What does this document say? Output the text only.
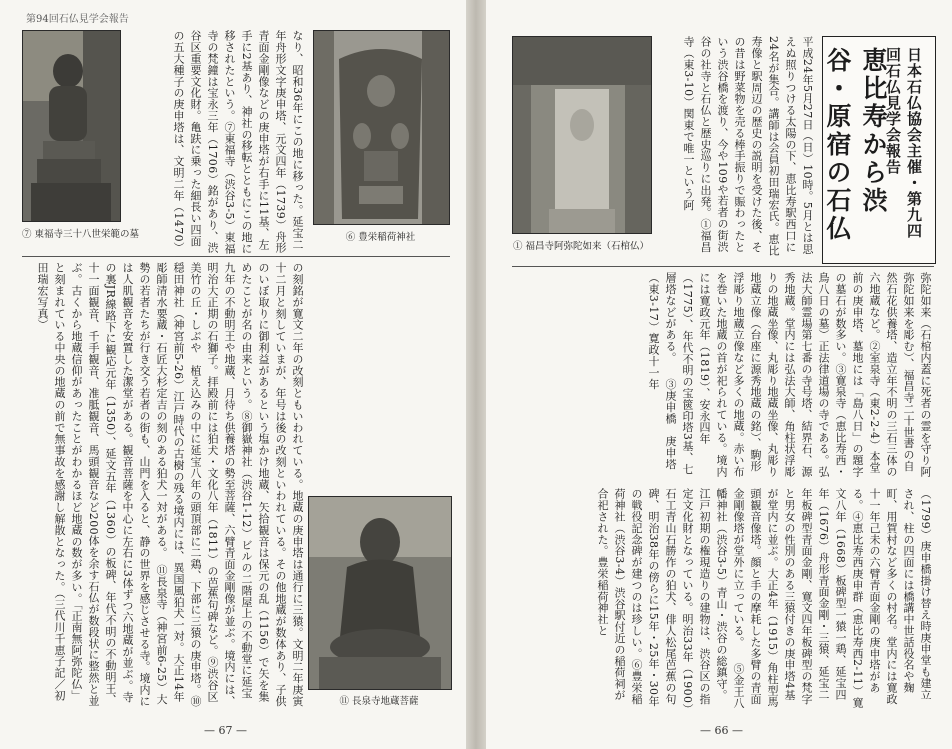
第94回石仏見学会報告
⑦ 東福寺三十八世栄範の墓	⑥ 豊栄稲荷神社
なり、昭和36年にこの地に移った。延宝二年舟形文字庚申塔、元文四年（1739）舟形青面金剛像などの庚申塔が右手に11基、左手に2基あり、神社の移転とともにこの地に移されたという。⑦東福寺（渋谷3-5）東福寺の梵鐘は宝永三年（1706）銘があり、渋谷区重要文化財。亀趺に乗った細長い四面の五大種子の庚申塔は、文明二年（1470）
の刻銘が寛文二年の改刻ともいわれている。地蔵の庚申塔は通行に三猿。文明二年庚寅十二月と刻していまが、年号は後の改刻といわれている。その他地蔵が数体あり、子供のいぼ取りに御利益があるという塩かけ地蔵、矢拾観音は保元の乱（1156）で矢を集めたことが名の由来という。⑧御嶽神社（渋谷1-12）ビルの二階屋上の不動堂に延宝九年の不動明王や地蔵、月待ち供養塔の勢至菩薩、六臂青面金剛像が並ぶ。境内には、明治大正期の石獅子。拝殿前には狛犬・文化八年（1811）の芭蕉句碑など。⑨渋谷区美竹の丘・しぶや　植え込みの中に延宝八年の頭頂部に二鶏、下部に三猿の庚申塔。⑩穏田神社（神宮前5-26）江戸時代の古樹の残る境内には、異国風狛犬一対。大正14年彫師清水要蔵・石匠大杉定吉の刻のある狛犬一対がある。　⑪長泉寺（神宮前6-25）大勢の若者たちが行き交う若者の街も、山門を入ると、静の世界を感じさせる寺。境内には人肌観音を安置した潔堂がある。観音菩薩を中心に左右に3体ずつ六地蔵が並ぶ。寺の裏JR線路下に観応元年（1350）、延文五年（1360）の板碑、年代不明の不動明王、十一面観音、千手観音、准胝観音、馬頭観音など200体を余す石仏が数段状に整然と並ぶ。古くから地蔵信仰があったことがわかるほど地蔵の数が多い。「正南無阿弥陀仏」と刻まれている中央の地蔵の前で無事故を感謝し解散となった。（三代川千恵子記／初田瑞宏写真）
⑪ 長泉寺地蔵菩薩
— 67 —
① 福昌寺阿弥陀如来（石棺仏）	平成24年5月27日（日）10時。5月とは思えぬ照りつける太陽の下、恵比寿駅西口に24名が集合。講師は会員初田瑞宏氏。恵比寿像と駅周辺の歴史の説明を受けた後、その昔は野菜物を売る棒手振りで賑わったという渋谷橋を渡り、今や109や若者の街渋谷の社寺と石仏と歴史巡りに出発。①福昌寺（東3-10）関東で唯一という阿	日本石仏協会主催・第九四回石仏見学会報告
恵比寿から渋谷・原宿の石仏
弥陀如来（石棺内蓋に死者の霊を守り阿弥陀如来を彫む）、福昌寺二十世書の自然石花供養塔、造立年不明の三石三体の六地蔵など。②室泉寺（東2-2-4）本堂前の庚申塔、墓地には「島八日」の題字の墓石が数多い。③寛泉寺（恵比寿西・鳥八日の墓）正法律道場の寺である。弘法大師霊場第七番の寺号塔、結界石、源秀地蔵。堂内には弘法大師、角柱状浮彫りの地蔵坐像、丸彫り地蔵坐像、丸彫り地蔵立像（台座に源秀地蔵の銘）、駒形浮彫り地蔵立像など多くの地蔵。赤い布を巻いた地蔵の首が祀られている。境内には寛政元年（1819）、安永四年（1775）、年代不明の宝篋印塔3基、七層塔などがある。 　③庚申橋　庚申塔（東3-17）寛政十一年
（1799）庚申橋掛け替え時庚申堂も建立され、柱の四面には橋講中世話役名や麹町、用賀村など多くの村名。堂内には寛政十一年己未の六臂青面金剛の庚申塔がある。④恵比寿西庚申群（恵比寿西2-11）寛文八年（1668）板碑型一猿一鶏、延宝四年（1676）舟形青面金剛・三猿、延宝二年板碑型青面金剛、寛文四年板碑型の梵字と男女の性別のある三猿付きの庚申塔4基が堂内に並ぶ。大正4年（1915）角柱型馬頭観音像塔。顔と手の摩耗した多臂の青面金剛像塔が堂外に立っている。 　⑤金王八幡神社（渋谷3-5）青山・渋谷の総鎮守。江戸初期の権現造りの建物は、渋谷区の指定文化財となっている。明治33年（1900）石工青山石勝作の狛犬、俳人松尾芭蕉の句碑、明治38年の傍らに15年・25年・30年の戦役記念碑が建つのは珍しい。⑥豊栄稲荷神社（渋谷3-4）渋谷駅付近の稲荷祠が合祀された。豊栄稲荷神社と
— 66 —
